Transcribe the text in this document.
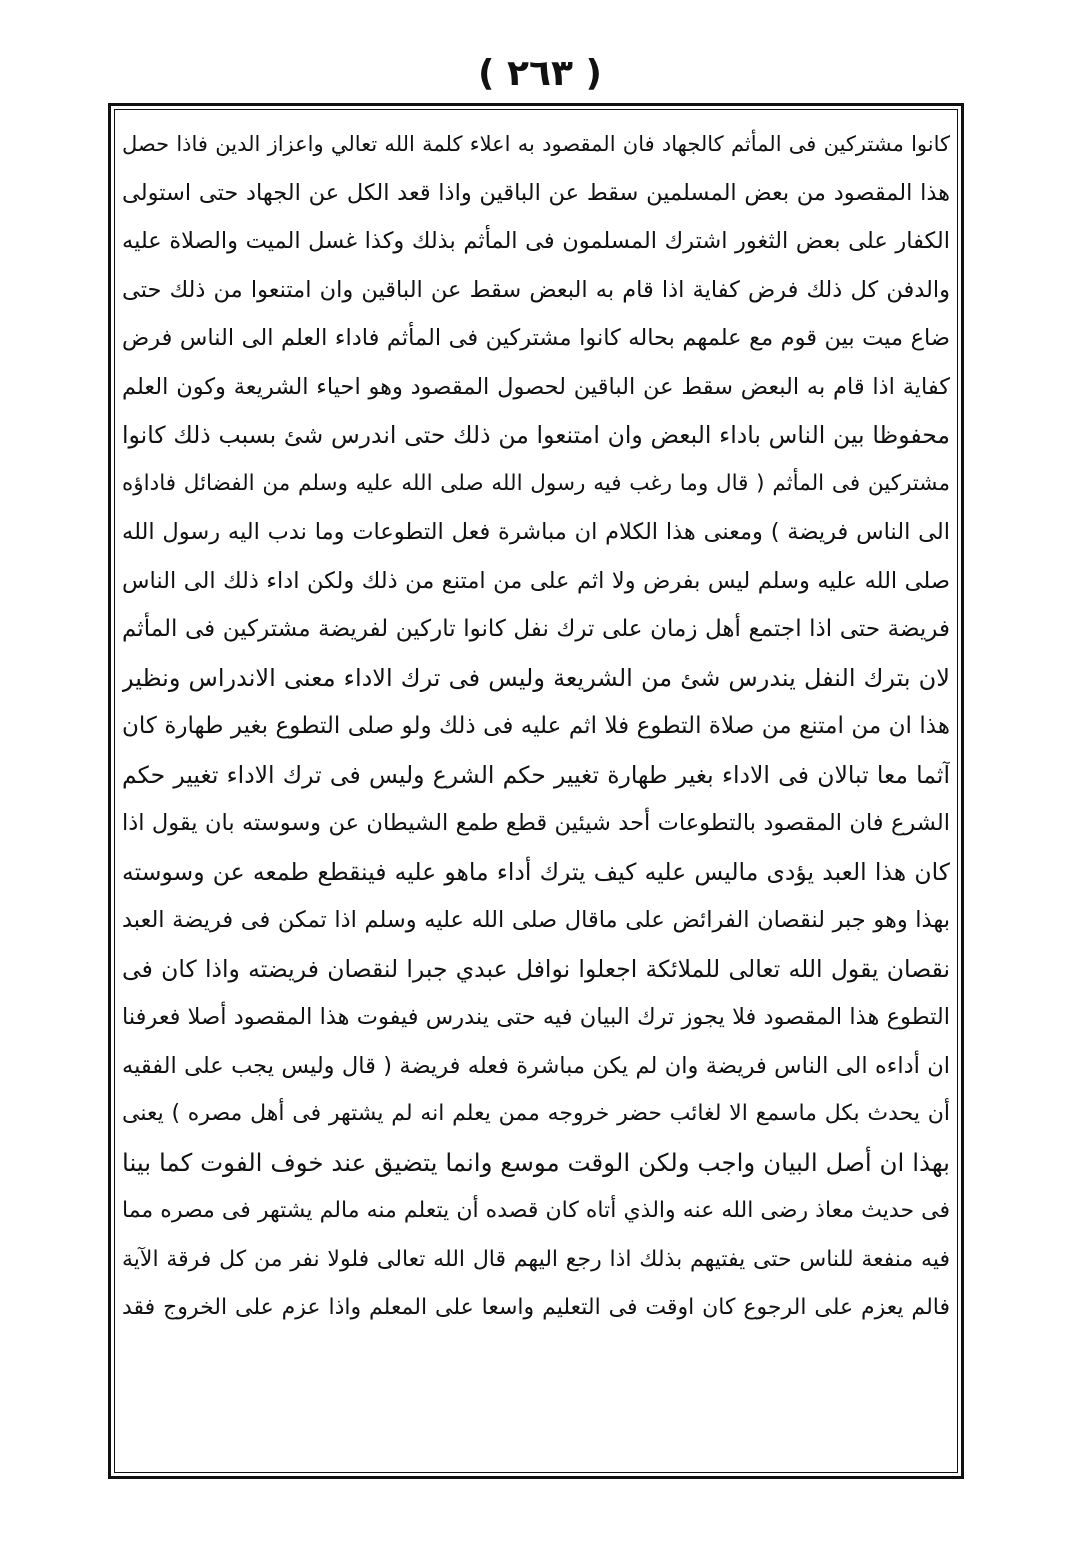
( ٢٦٣ )
كانوا مشتركين فى المأثم كالجهاد فان المقصود به اعلاء كلمة الله تعالي واعزاز الدين فاذا حصل
هذا المقصود من بعض المسلمين سقط عن الباقين واذا قعد الكل عن الجهاد حتى استولى
الكفار على بعض الثغور اشترك المسلمون فى المأثم بذلك وكذا غسل الميت والصلاة عليه
والدفن كل ذلك فرض كفاية اذا قام به البعض سقط عن الباقين وان امتنعوا من ذلك حتى
ضاع ميت بين قوم مع علمهم بحاله كانوا مشتركين فى المأثم فاداء العلم الى الناس فرض
كفاية اذا قام به البعض سقط عن الباقين لحصول المقصود وهو احياء الشريعة وكون العلم
محفوظا بين الناس باداء البعض وان امتنعوا من ذلك حتى اندرس شئ بسبب ذلك كانوا
مشتركين فى المأثم ( قال وما رغب فيه رسول الله صلى الله عليه وسلم من الفضائل فاداؤه
الى الناس فريضة ) ومعنى هذا الكلام ان مباشرة فعل التطوعات وما ندب اليه رسول الله
صلى الله عليه وسلم ليس بفرض ولا اثم على من امتنع من ذلك ولكن اداء ذلك الى الناس
فريضة حتى اذا اجتمع أهل زمان على ترك نفل كانوا تاركين لفريضة مشتركين فى المأثم
لان بترك النفل يندرس شئ من الشريعة وليس فى ترك الاداء معنى الاندراس ونظير
هذا ان من امتنع من صلاة التطوع فلا اثم عليه فى ذلك ولو صلى التطوع بغير طهارة كان
آثما معا تبالان فى الاداء بغير طهارة تغيير حكم الشرع وليس فى ترك الاداء تغيير حكم
الشرع فان المقصود بالتطوعات أحد شيئين قطع طمع الشيطان عن وسوسته بان يقول اذا
كان هذا العبد يؤدى ماليس عليه كيف يترك أداء ماهو عليه فينقطع طمعه عن وسوسته
بهذا وهو جبر لنقصان الفرائض على ماقال صلى الله عليه وسلم اذا تمكن فى فريضة العبد
نقصان يقول الله تعالى للملائكة اجعلوا نوافل عبدي جبرا لنقصان فريضته واذا كان فى
التطوع هذا المقصود فلا يجوز ترك البيان فيه حتى يندرس فيفوت هذا المقصود أصلا فعرفنا
ان أداءه الى الناس فريضة وان لم يكن مباشرة فعله فريضة ( قال وليس يجب على الفقيه
أن يحدث بكل ماسمع الا لغائب حضر خروجه ممن يعلم انه لم يشتهر فى أهل مصره ) يعنى
بهذا ان أصل البيان واجب ولكن الوقت موسع وانما يتضيق عند خوف الفوت كما بينا
فى حديث معاذ رضى الله عنه والذي أتاه كان قصده أن يتعلم منه مالم يشتهر فى مصره مما
فيه منفعة للناس حتى يفتيهم بذلك اذا رجع اليهم قال الله تعالى فلولا نفر من كل فرقة الآية
فالم يعزم على الرجوع كان اوقت فى التعليم واسعا على المعلم واذا عزم على الخروج فقد
